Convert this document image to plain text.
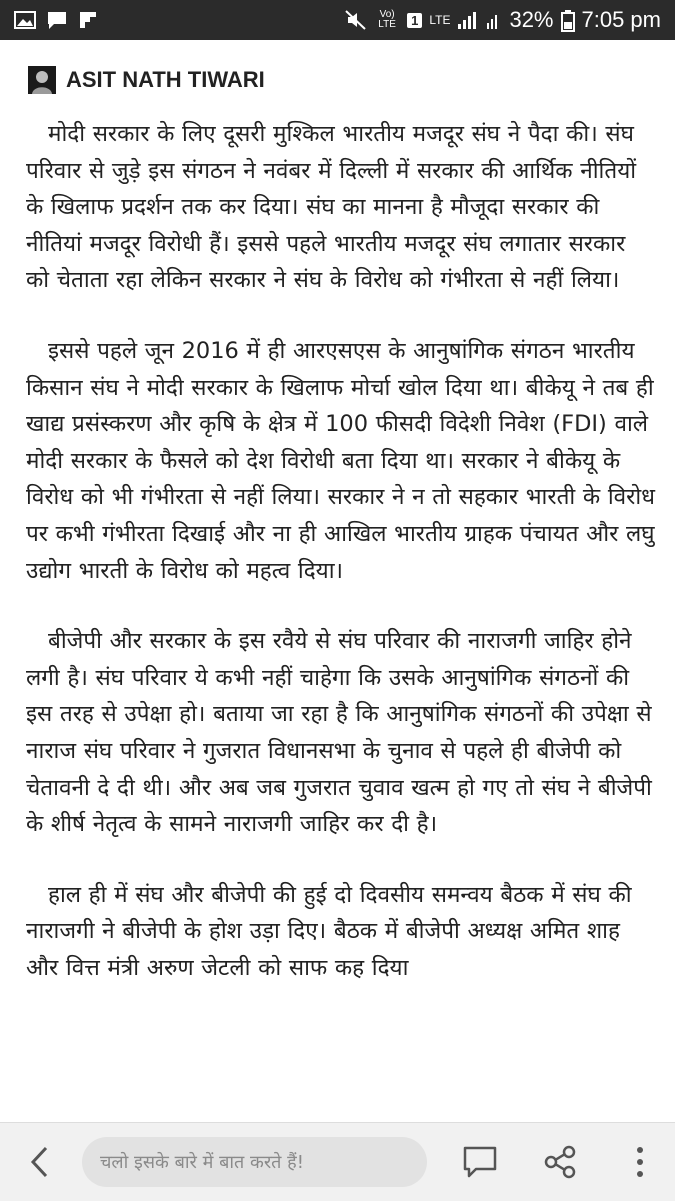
Vo) LTE	1 LTE	32% 7:05 pm
ASIT NATH TIWARI

मोदी सरकार के लिए दूसरी मुश्किल भारतीय मजदूर संघ ने पैदा की। संघ परिवार से जुड़े इस संगठन ने नवंबर में दिल्ली में सरकार की आर्थिक नीतियों के खिलाफ प्रदर्शन तक कर दिया। संघ का मानना है मौजूदा सरकार की नीतियां मजदूर विरोधी हैं। इससे पहले भारतीय मजदूर संघ लगातार सरकार को चेताता रहा लेकिन सरकार ने संघ के विरोध को गंभीरता से नहीं लिया।

इससे पहले जून 2016 में ही आरएसएस के आनुषांगिक संगठन भारतीय किसान संघ ने मोदी सरकार के खिलाफ मोर्चा खोल दिया था। बीकेयू ने तब ही खाद्य प्रसंस्करण और कृषि के क्षेत्र में 100 फीसदी विदेशी निवेश (FDI) वाले मोदी सरकार के फैसले को देश विरोधी बता दिया था। सरकार ने बीकेयू के विरोध को भी गंभीरता से नहीं लिया। सरकार ने न तो सहकार भारती के विरोध पर कभी गंभीरता दिखाई और ना ही आखिल भारतीय ग्राहक पंचायत और लघु उद्योग भारती के विरोध को महत्व दिया।

बीजेपी और सरकार के इस रवैये से संघ परिवार की नाराजगी जाहिर होने लगी है। संघ परिवार ये कभी नहीं चाहेगा कि उसके आनुषांगिक संगठनों की इस तरह से उपेक्षा हो। बताया जा रहा है कि आनुषांगिक संगठनों की उपेक्षा से नाराज संघ परिवार ने गुजरात विधानसभा के चुनाव से पहले ही बीजेपी को चेतावनी दे दी थी। और अब जब गुजरात चुवाव खत्म हो गए तो संघ ने बीजेपी के शीर्ष नेतृत्व के सामने नाराजगी जाहिर कर दी है।

हाल ही में संघ और बीजेपी की हुई दो दिवसीय समन्वय बैठक में संघ की नाराजगी ने बीजेपी के होश उड़ा दिए। बैठक में बीजेपी अध्यक्ष अमित शाह और वित्त मंत्री अरुण जेटली को साफ कह दिया

चलो इसके बारे में बात करते हैं!
